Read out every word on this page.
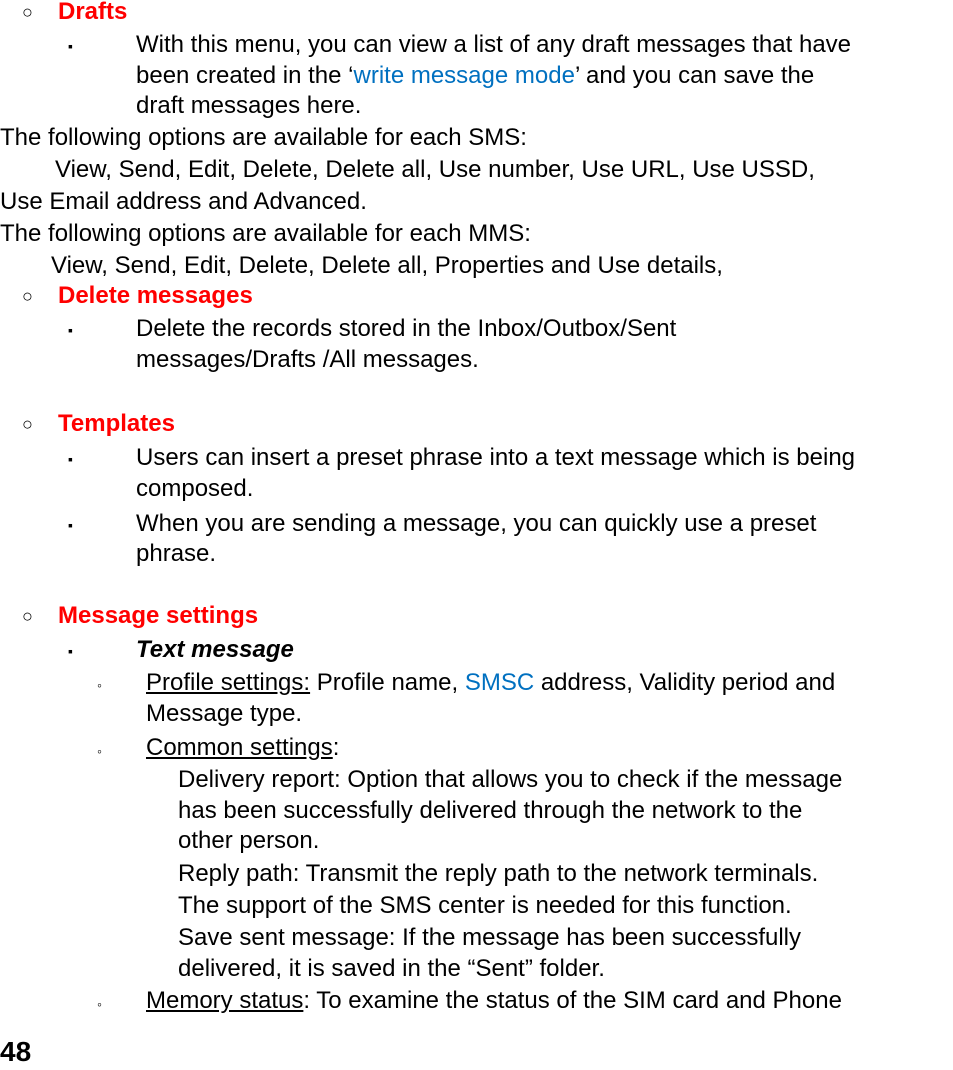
○ Drafts
▪	With this menu, you can view a list of any draft messages that have
been created in the ‘write message mode’ and you can save the
draft messages here.
The following options are available for each SMS:
View, Send, Edit, Delete, Delete all, Use number, Use URL, Use USSD,
Use Email address and Advanced.
The following options are available for each MMS:
View, Send, Edit, Delete, Delete all, Properties and Use details,
○ Delete messages
▪	Delete the records stored in the Inbox/Outbox/Sent
messages/Drafts /All messages.
○ Templates
▪	Users can insert a preset phrase into a text message which is being
composed.
▪	When you are sending a message, you can quickly use a preset
phrase.
○ Message settings
▪	Text message
◦ Profile settings: Profile name, SMSC address, Validity period and
Message type.
◦ Common settings:
Delivery report: Option that allows you to check if the message
has been successfully delivered through the network to the
other person.
Reply path: Transmit the reply path to the network terminals.
The support of the SMS center is needed for this function.
Save sent message: If the message has been successfully
delivered, it is saved in the “Sent” folder.
◦ Memory status: To examine the status of the SIM card and Phone
48
